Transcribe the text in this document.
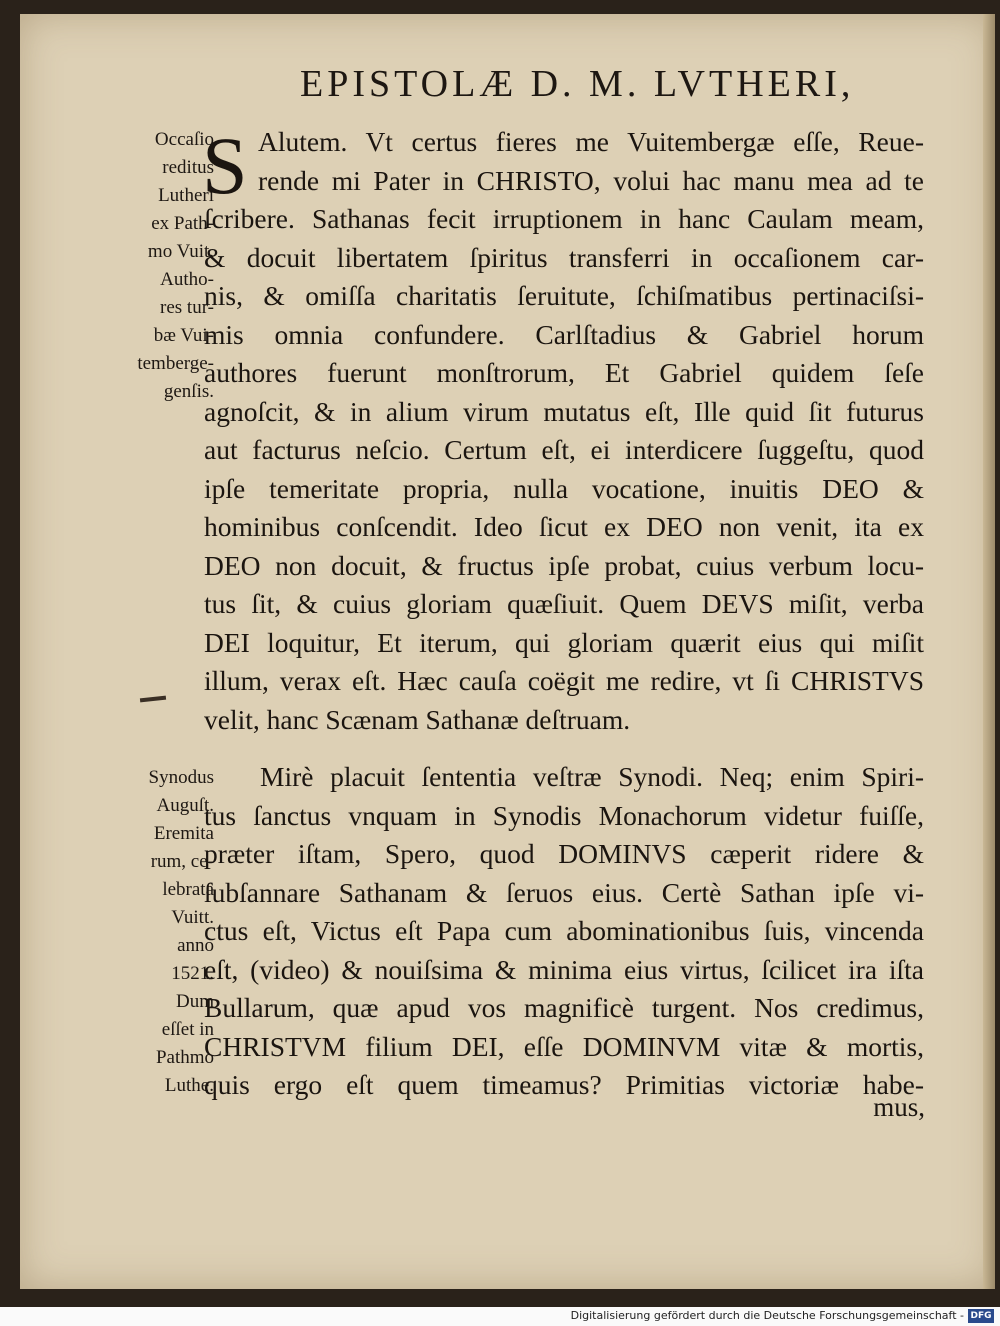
EPISTOLÆ D. M. LVTHERI,
S
Occaſio
reditus
Lutheri
ex Path-
mo Vuit.
Autho-
res tur-
bæ Vui-
temberge-
genſis.
Synodus
Auguſt.
Eremita
rum, ce-
lebrata
Vuitt.
anno
1521.
Dum
eſſet in
Pathmo
Luthe.
Alutem. Vt certus fieres me Vuitembergæ eſſe, Reue-
rende mi Pater in CHRISTO, volui hac manu mea ad te
ſcribere. Sathanas fecit irruptionem in hanc Caulam meam,
& docuit libertatem ſpiritus transferri in occaſionem car-
nis, & omiſſa charitatis ſeruitute, ſchiſmatibus pertinaciſsi-
mis omnia confundere. Carlſtadius & Gabriel horum
authores fuerunt monſtrorum, Et Gabriel quidem ſeſe
agnoſcit, & in alium virum mutatus eſt, Ille quid ſit futurus
aut facturus neſcio. Certum eſt, ei interdicere ſuggeſtu, quod
ipſe temeritate propria, nulla vocatione, inuitis DEO &
hominibus conſcendit. Ideo ſicut ex DEO non venit, ita ex
DEO non docuit, & fructus ipſe probat, cuius verbum locu-
tus ſit, & cuius gloriam quæſiuit. Quem DEVS miſit, verba
DEI loquitur, Et iterum, qui gloriam quærit eius qui miſit
illum, verax eſt. Hæc cauſa coëgit me redire, vt ſi CHRISTVS
velit, hanc Scænam Sathanæ deſtruam.
Mirè placuit ſententia veſtræ Synodi. Neq; enim Spiri-
tus ſanctus vnquam in Synodis Monachorum videtur fuiſſe,
præter iſtam, Spero, quod DOMINVS cæperit ridere &
ſubſannare Sathanam & ſeruos eius. Certè Sathan ipſe vi-
ctus eſt, Victus eſt Papa cum abominationibus ſuis, vincenda
eſt, (video) & nouiſsima & minima eius virtus, ſcilicet ira iſta
Bullarum, quæ apud vos magnificè turgent. Nos credimus,
CHRISTVM filium DEI, eſſe DOMINVM vitæ & mortis,
quis ergo eſt quem timeamus? Primitias victoriæ habe-
mus,
Digitalisierung gefördert durch die Deutsche Forschungsgemeinschaft - DFG
